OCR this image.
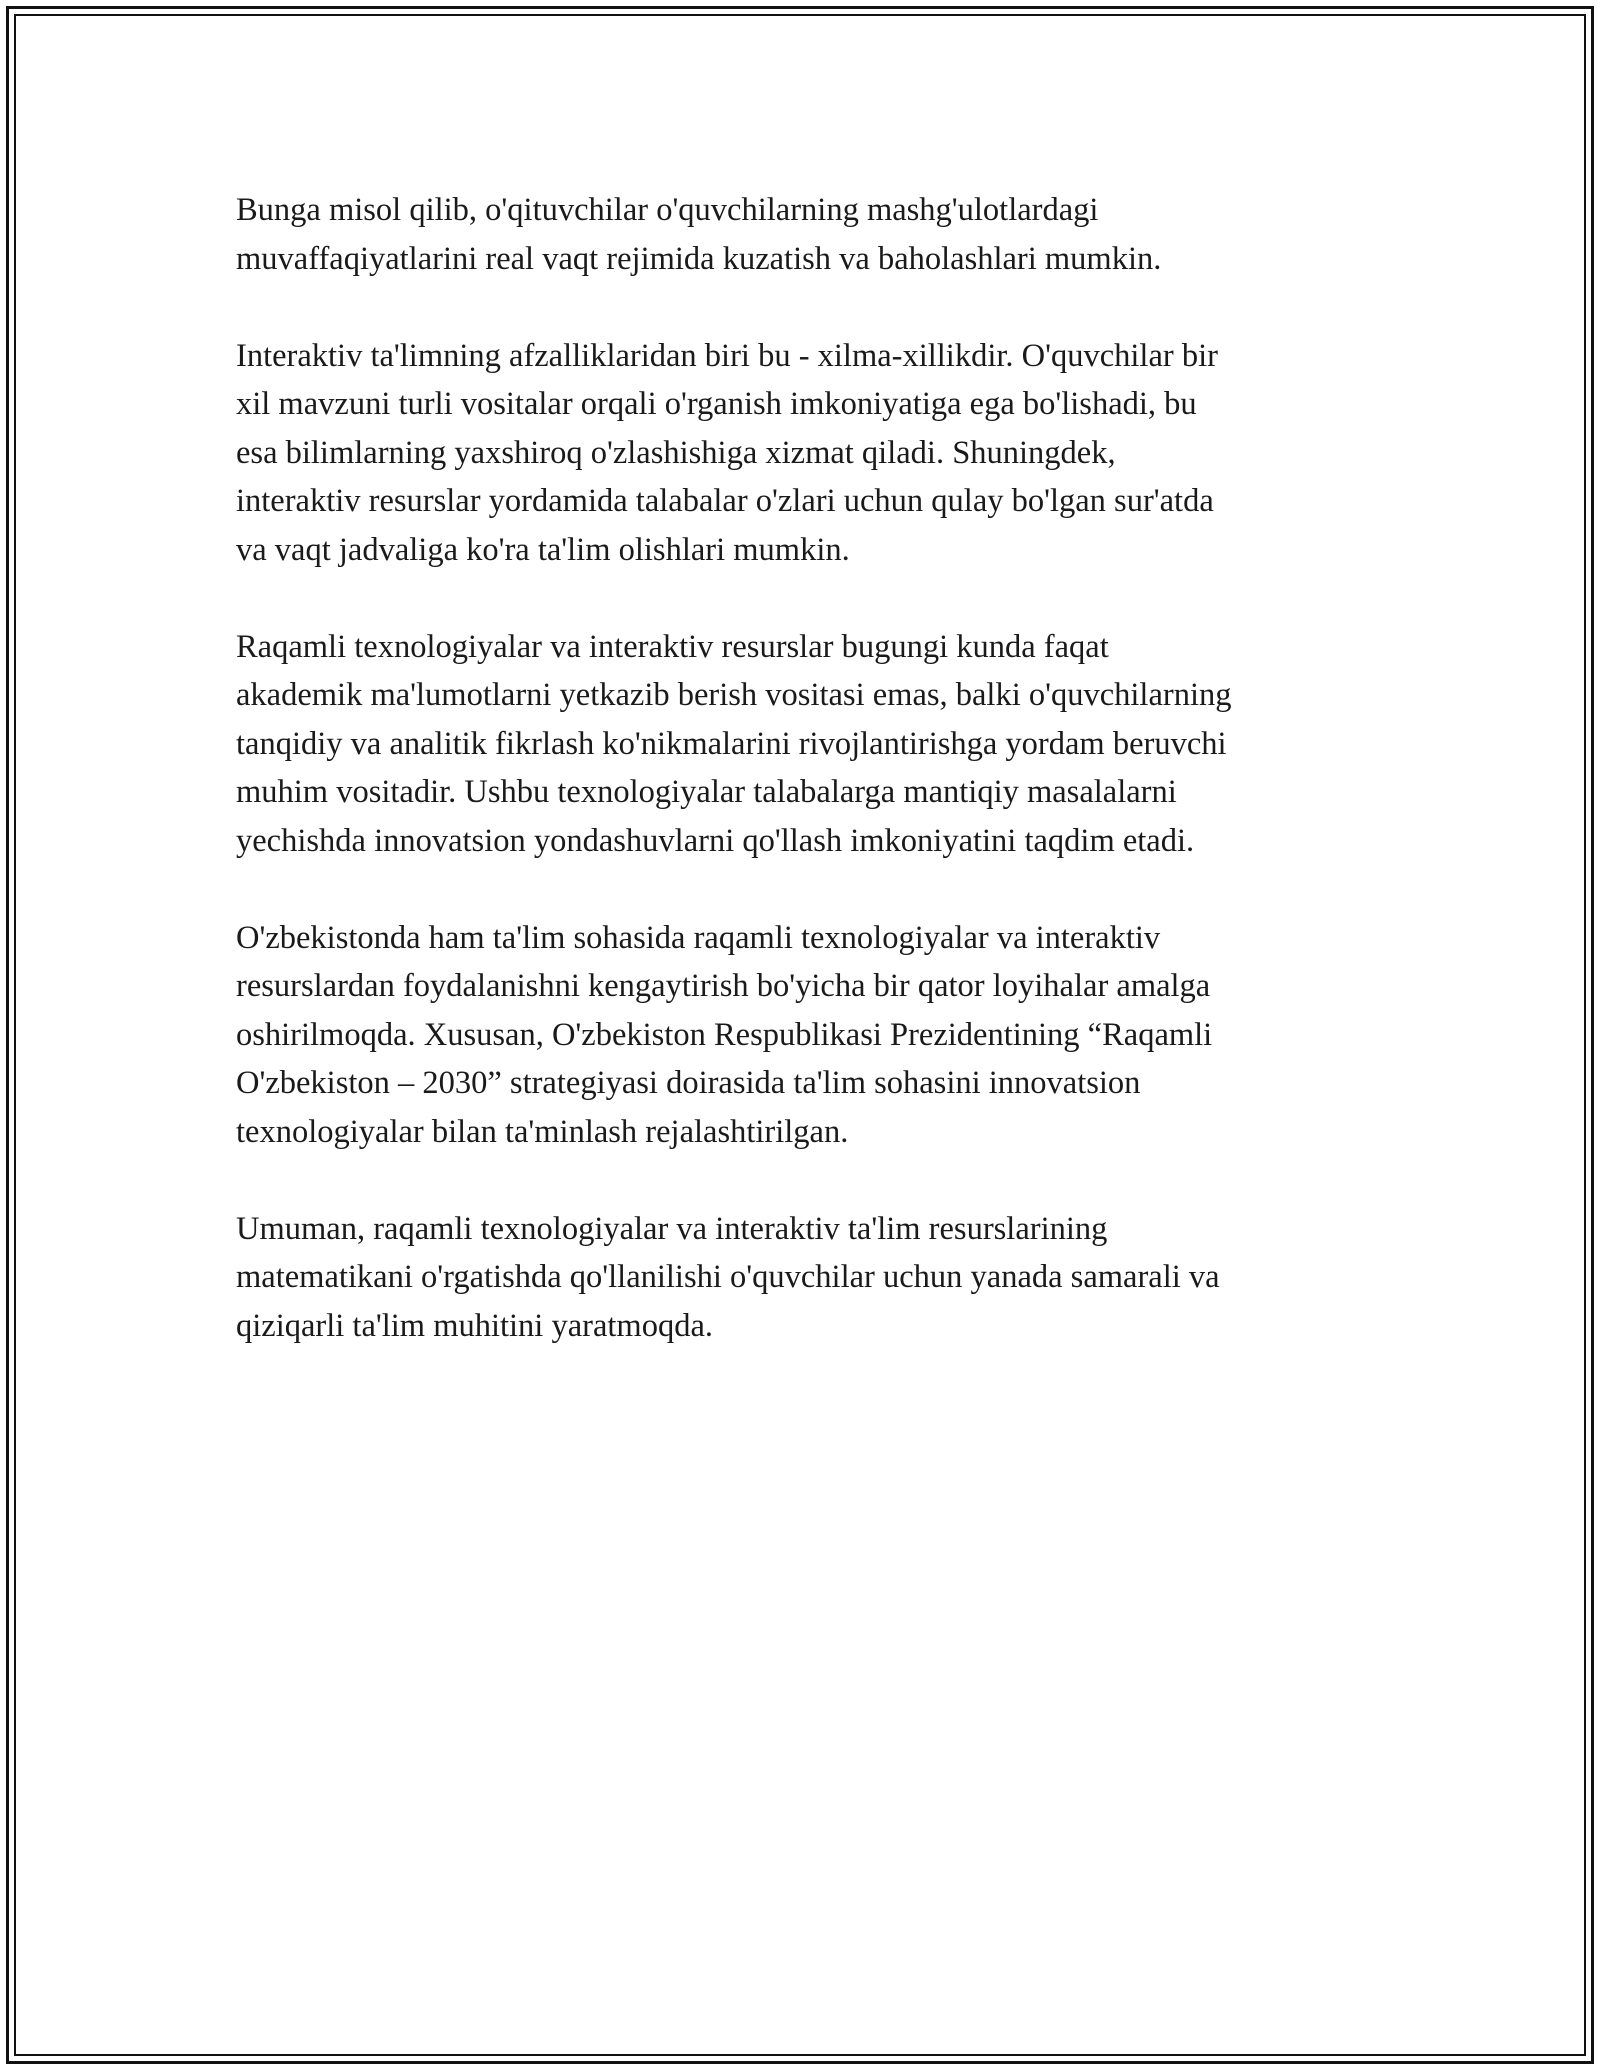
Bunga misol qilib, o'qituvchilar o'quvchilarning mashg'ulotlardagi
muvaffaqiyatlarini real vaqt rejimida kuzatish va baholashlari mumkin.

Interaktiv ta'limning afzalliklaridan biri bu - xilma-xillikdir. O'quvchilar bir
xil mavzuni turli vositalar orqali o'rganish imkoniyatiga ega bo'lishadi, bu
esa bilimlarning yaxshiroq o'zlashishiga xizmat qiladi. Shuningdek,
interaktiv resurslar yordamida talabalar o'zlari uchun qulay bo'lgan sur'atda
va vaqt jadvaliga ko'ra ta'lim olishlari mumkin.

Raqamli texnologiyalar va interaktiv resurslar bugungi kunda faqat
akademik ma'lumotlarni yetkazib berish vositasi emas, balki o'quvchilarning
tanqidiy va analitik fikrlash ko'nikmalarini rivojlantirishga yordam beruvchi
muhim vositadir. Ushbu texnologiyalar talabalarga mantiqiy masalalarni
yechishda innovatsion yondashuvlarni qo'llash imkoniyatini taqdim etadi.

O'zbekistonda ham ta'lim sohasida raqamli texnologiyalar va interaktiv
resurslardan foydalanishni kengaytirish bo'yicha bir qator loyihalar amalga
oshirilmoqda. Xususan, O'zbekiston Respublikasi Prezidentining “Raqamli
O'zbekiston – 2030” strategiyasi doirasida ta'lim sohasini innovatsion
texnologiyalar bilan ta'minlash rejalashtirilgan.

Umuman, raqamli texnologiyalar va interaktiv ta'lim resurslarining
matematikani o'rgatishda qo'llanilishi o'quvchilar uchun yanada samarali va
qiziqarli ta'lim muhitini yaratmoqda.
